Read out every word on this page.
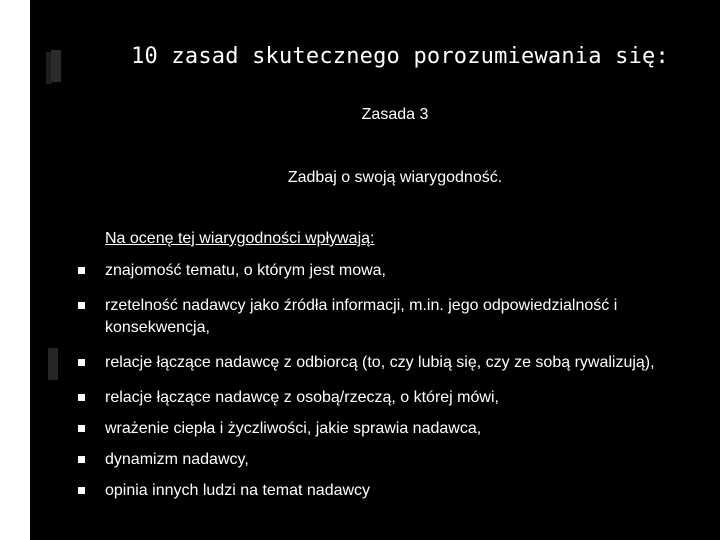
10 zasad skutecznego porozumiewania się:
Zasada 3
Zadbaj o swoją wiarygodność.
Na ocenę tej wiarygodności wpływają:
znajomość tematu, o którym jest mowa,
rzetelność nadawcy jako źródła informacji, m.in. jego odpowiedzialność i konsekwencja,
relacje łączące nadawcę z odbiorcą (to, czy lubią się, czy ze sobą rywalizują),
relacje łączące nadawcę z osobą/rzeczą, o której mówi,
wrażenie ciepła i życzliwości, jakie sprawia nadawca,
dynamizm nadawcy,
opinia innych ludzi na temat nadawcy
